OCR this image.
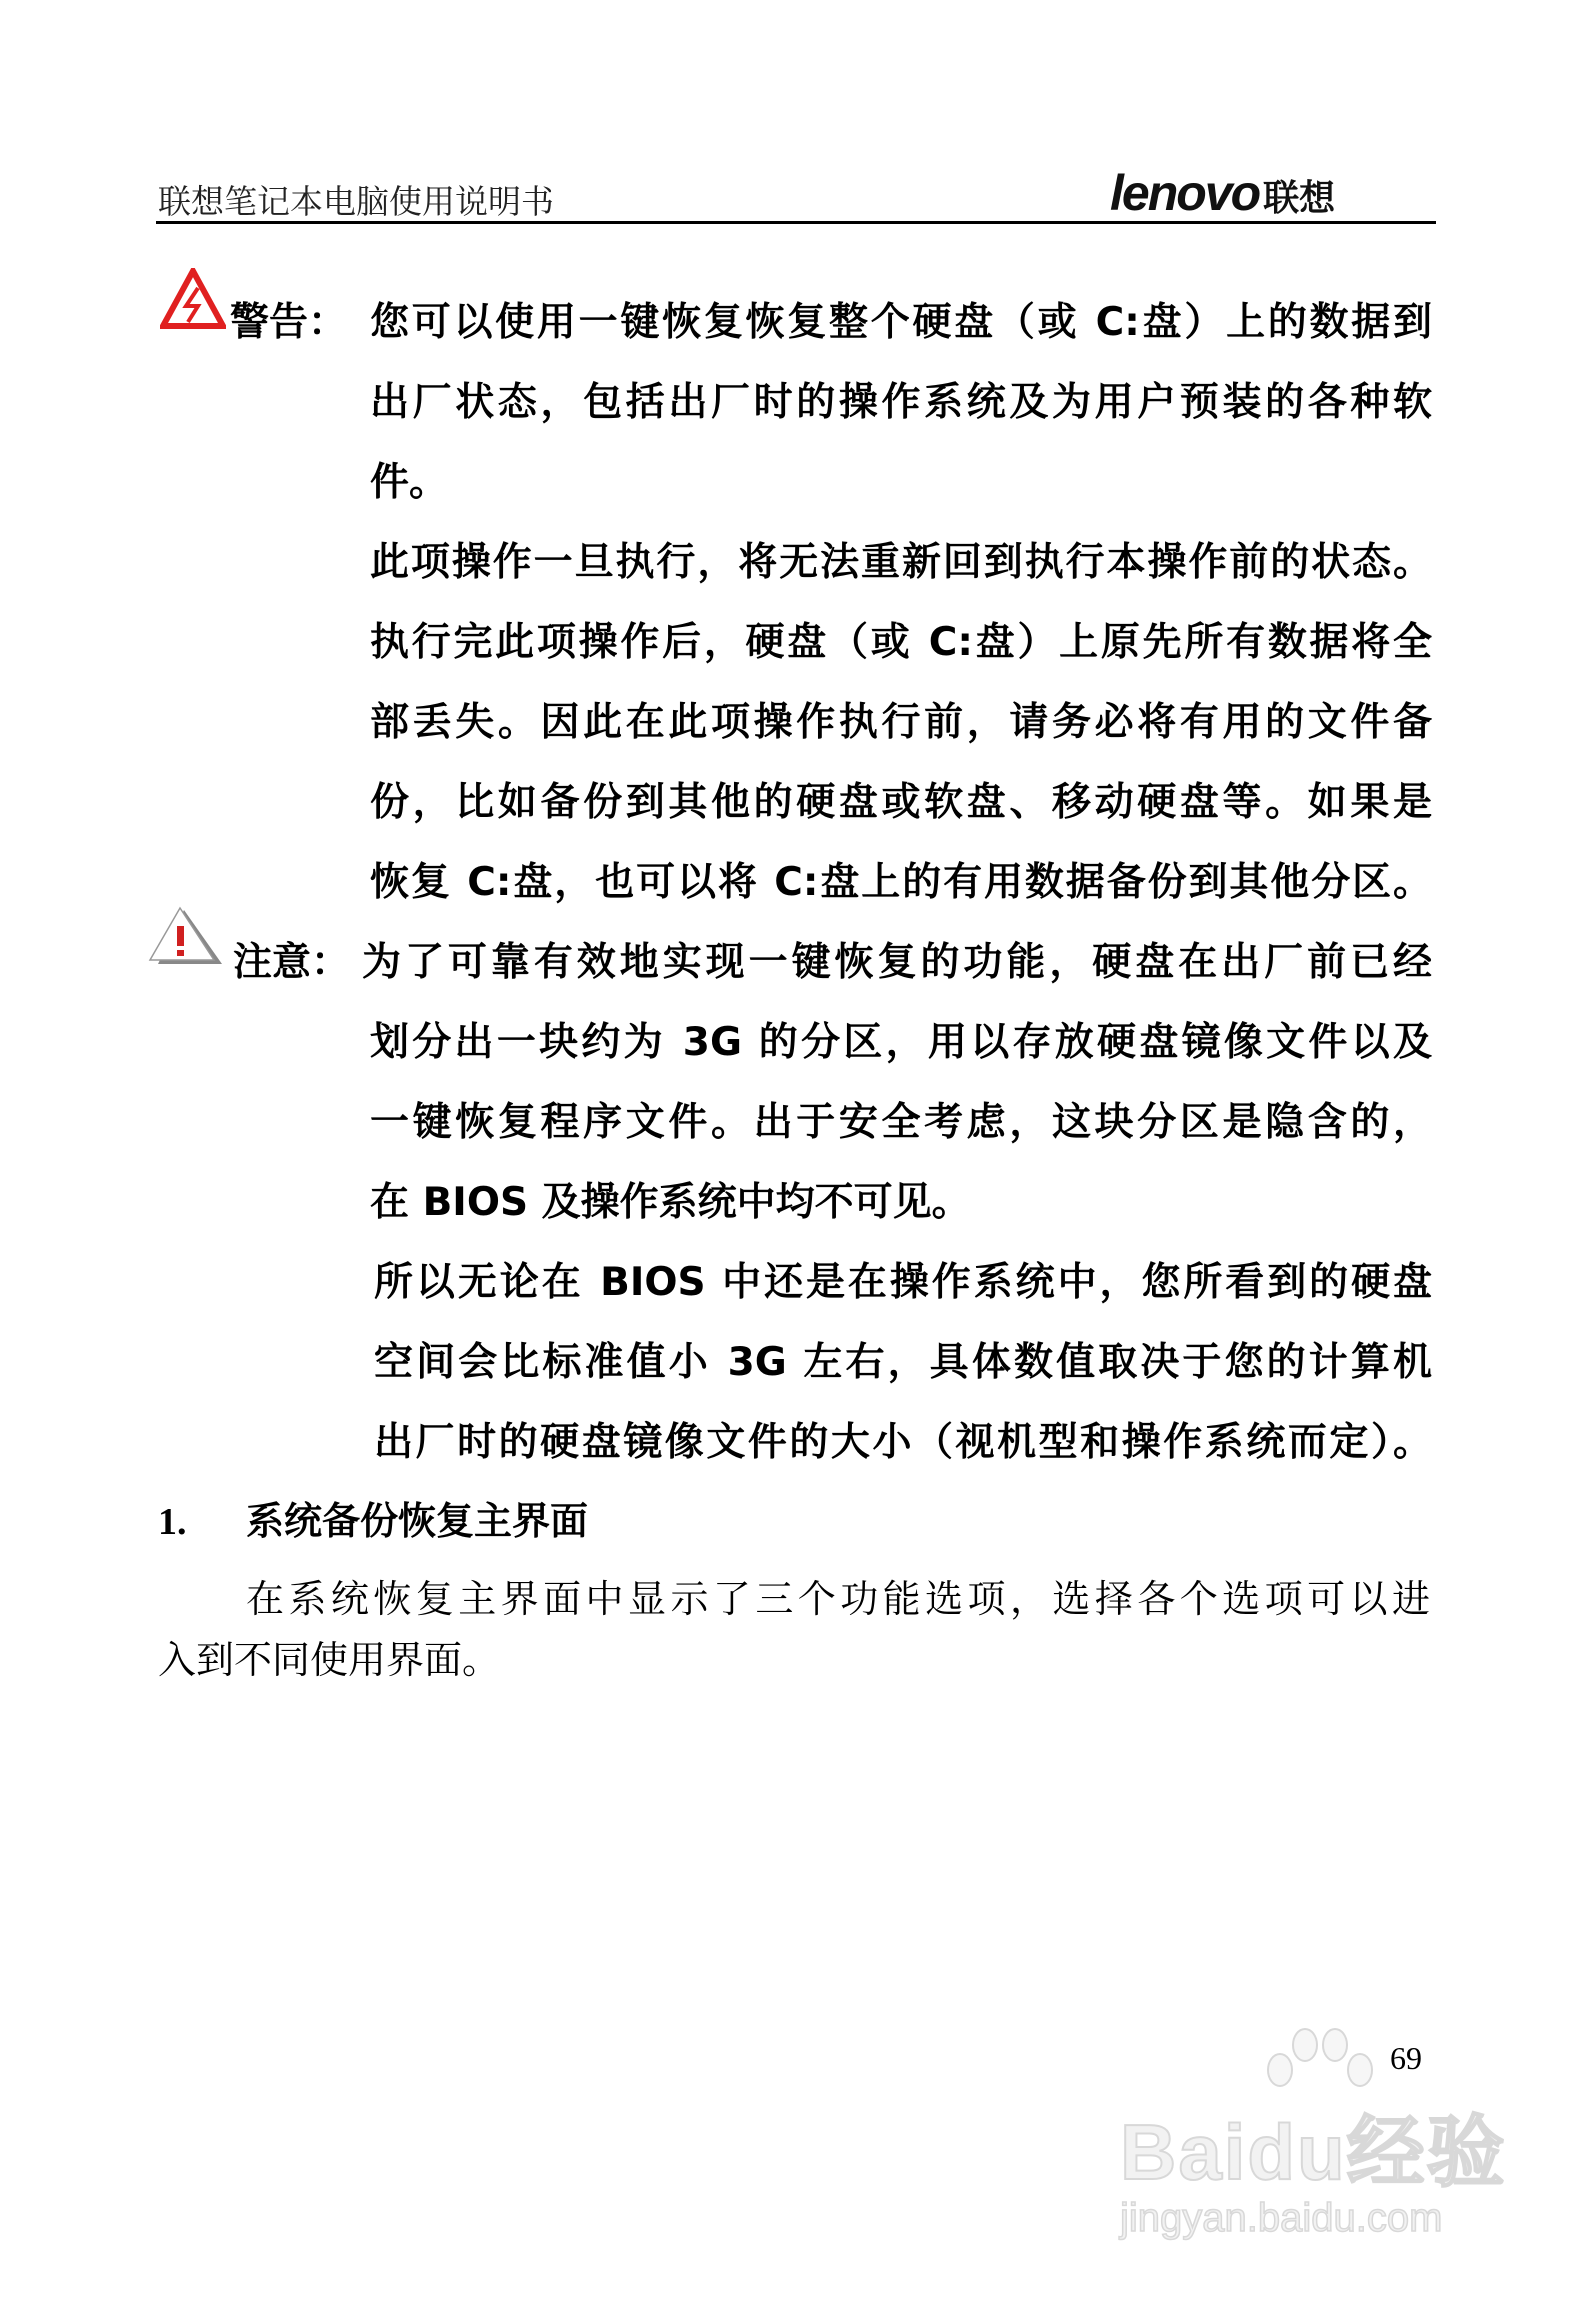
联想笔记本电脑使用说明书	lenovo 联想
警告： 您可以使用一键恢复恢复整个硬盘（或 C:盘）上的数据到
出厂状态，包括出厂时的操作系统及为用户预装的各种软
件。
此项操作一旦执行，将无法重新回到执行本操作前的状态。
执行完此项操作后，硬盘（或 C:盘）上原先所有数据将全
部丢失。因此在此项操作执行前，请务必将有用的文件备
份，比如备份到其他的硬盘或软盘、移动硬盘等。如果是
恢复 C:盘，也可以将 C:盘上的有用数据备份到其他分区。
注意： 为了可靠有效地实现一键恢复的功能，硬盘在出厂前已经
划分出一块约为 3G 的分区，用以存放硬盘镜像文件以及
一键恢复程序文件。出于安全考虑，这块分区是隐含的，
在 BIOS 及操作系统中均不可见。
所以无论在 BIOS 中还是在操作系统中，您所看到的硬盘
空间会比标准值小 3G 左右，具体数值取决于您的计算机
出厂时的硬盘镜像文件的大小（视机型和操作系统而定）。
1. 系统备份恢复主界面
在系统恢复主界面中显示了三个功能选项，选择各个选项可以进
入到不同使用界面。
69
Baidu经验
jingyan.baidu.com
